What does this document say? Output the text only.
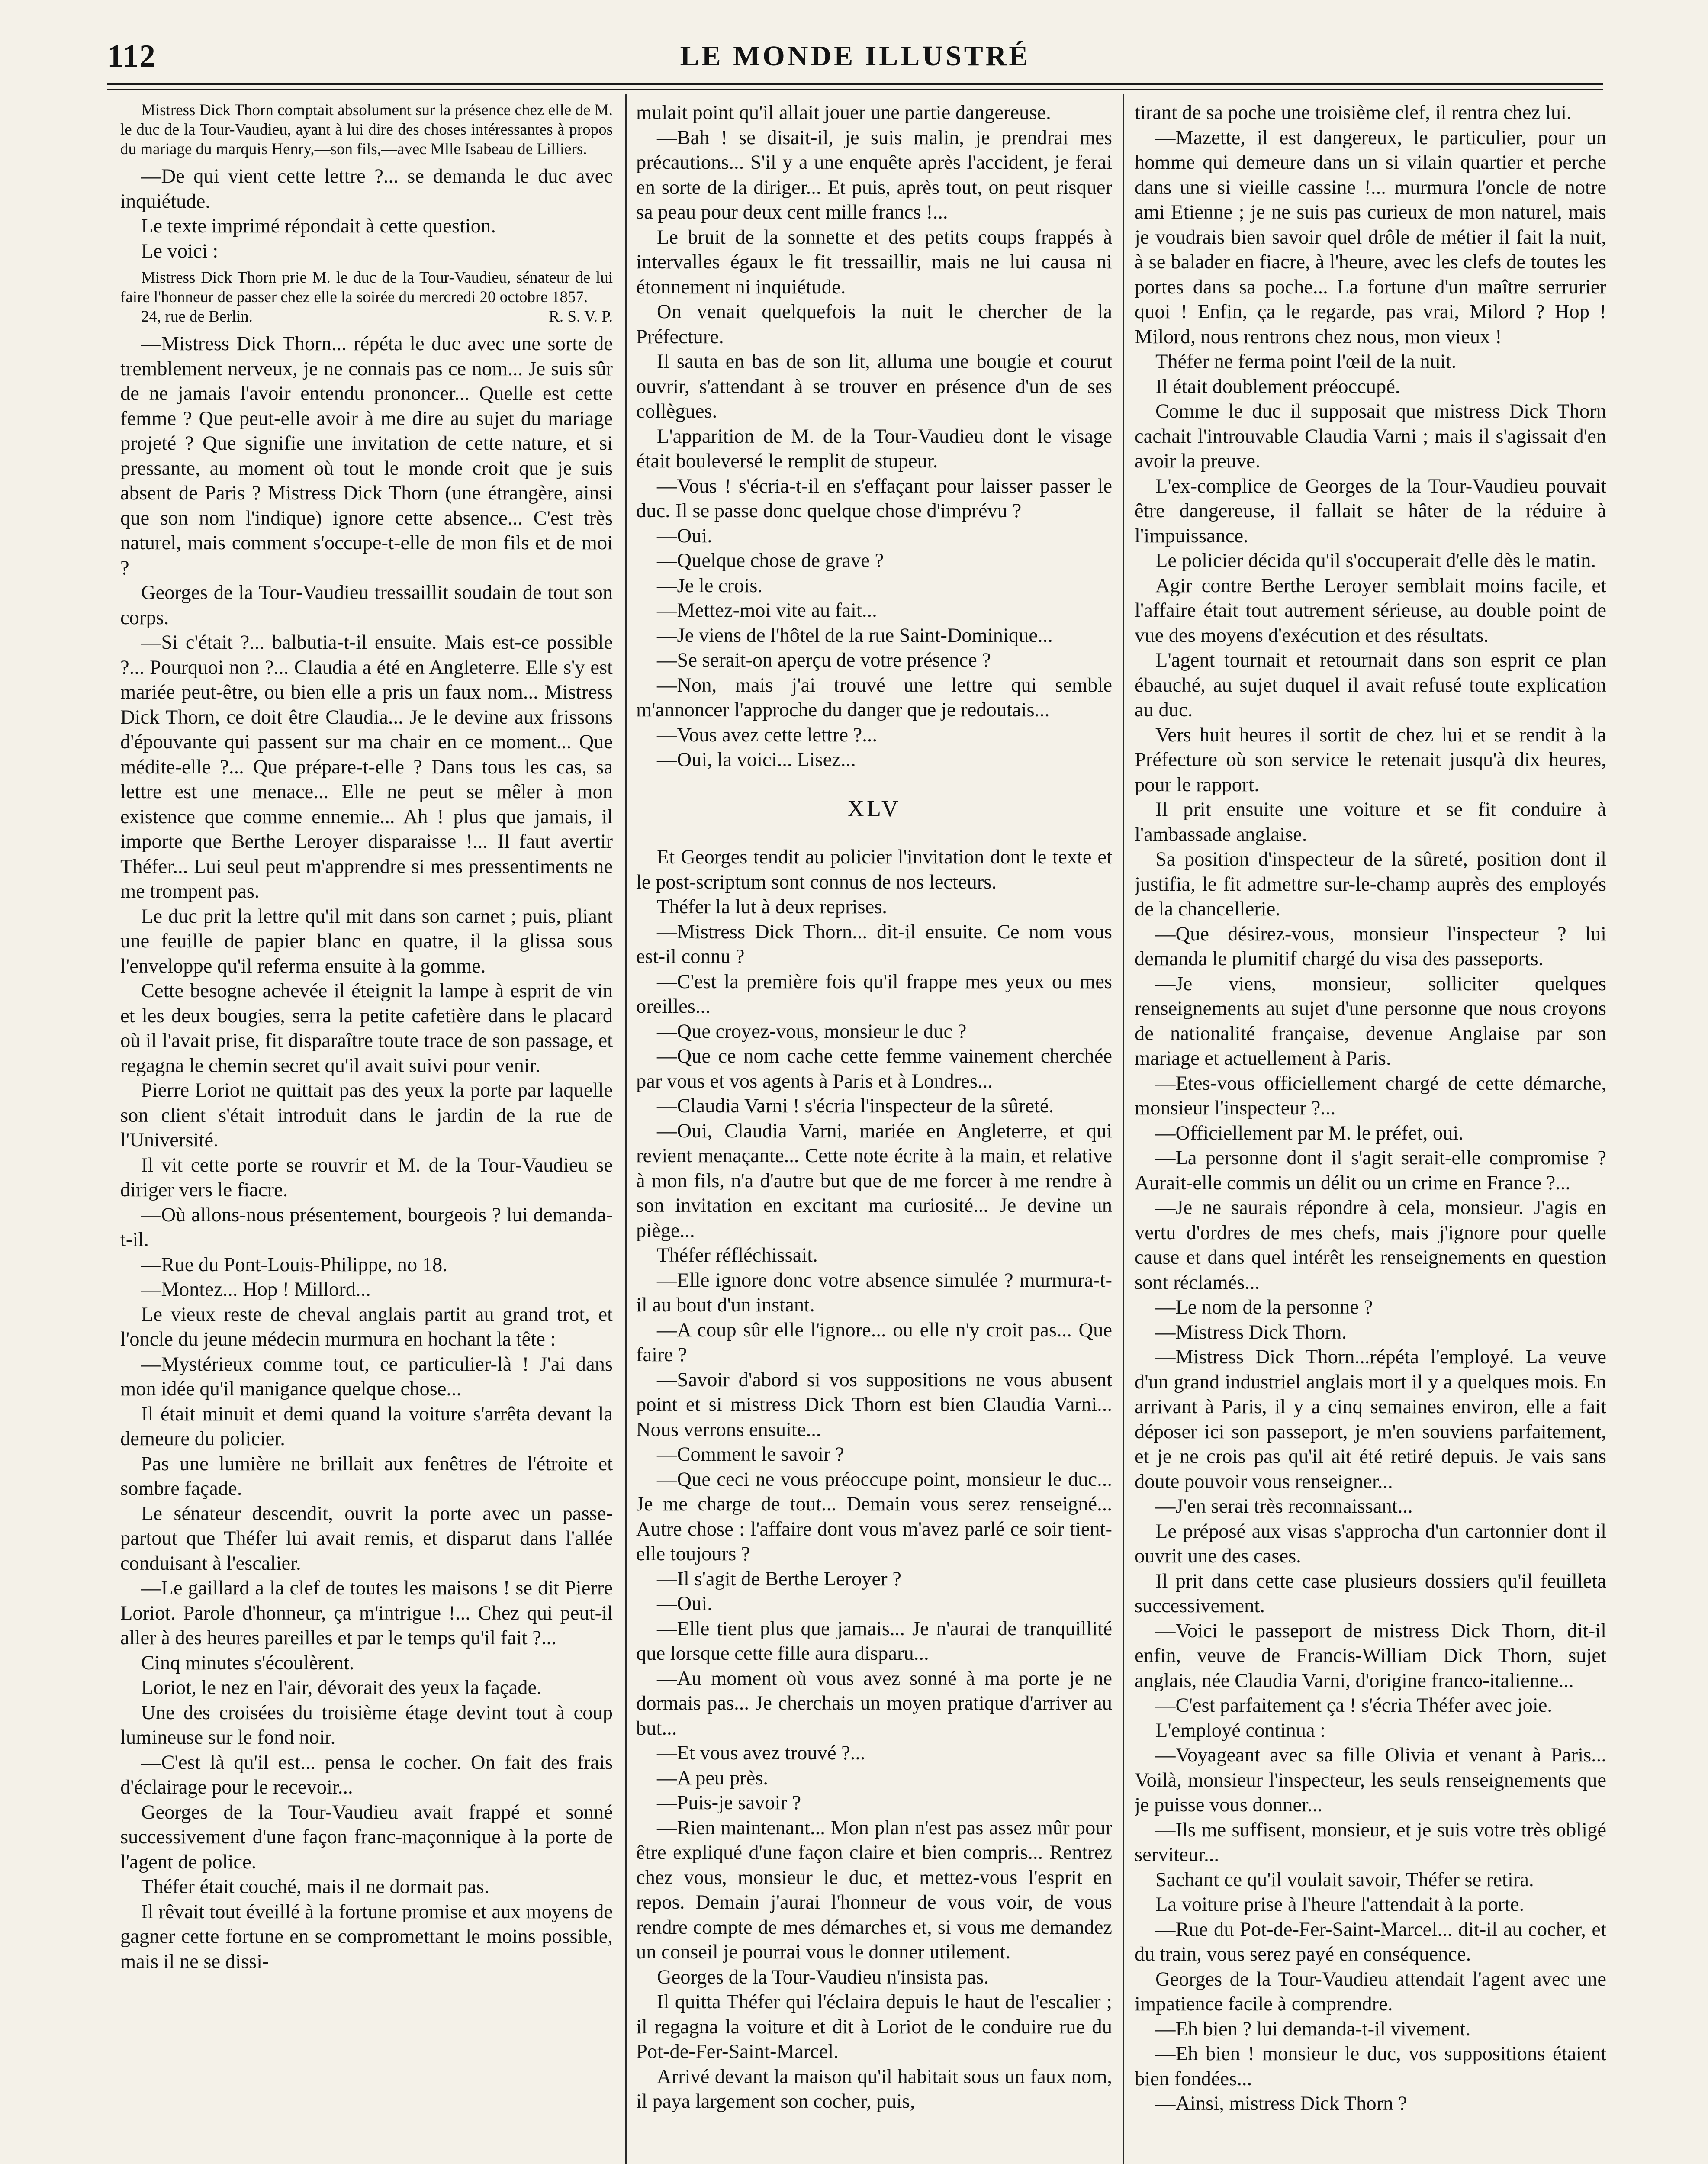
112	LE MONDE ILLUSTRÉ

Mistress Dick Thorn comptait absolument sur la présence chez elle de M. le duc de la Tour-Vaudieu, ayant à lui dire des choses intéressantes à propos du mariage du marquis Henry,—son fils,—avec Mlle Isabeau de Lilliers.

—De qui vient cette lettre ?... se demanda le duc avec inquiétude.

Le texte imprimé répondait à cette question.

Le voici :

Mistress Dick Thorn prie M. le duc de la Tour-Vaudieu, sénateur de lui faire l'honneur de passer chez elle la soirée du mercredi 20 octobre 1857.

24, rue de Berlin.	R. S. V. P.

—Mistress Dick Thorn... répéta le duc avec une sorte de tremblement nerveux, je ne connais pas ce nom... Je suis sûr de ne jamais l'avoir entendu prononcer... Quelle est cette femme ? Que peut-elle avoir à me dire au sujet du mariage projeté ? Que signifie une invitation de cette nature, et si pressante, au moment où tout le monde croit que je suis absent de Paris ? Mistress Dick Thorn (une étrangère, ainsi que son nom l'indique) ignore cette absence... C'est très naturel, mais comment s'occupe-t-elle de mon fils et de moi ?

Georges de la Tour-Vaudieu tressaillit soudain de tout son corps.

—Si c'était ?... balbutia-t-il ensuite. Mais est-ce possible ?... Pourquoi non ?... Claudia a été en Angleterre. Elle s'y est mariée peut-être, ou bien elle a pris un faux nom... Mistress Dick Thorn, ce doit être Claudia... Je le devine aux frissons d'épouvante qui passent sur ma chair en ce moment... Que médite-elle ?... Que prépare-t-elle ? Dans tous les cas, sa lettre est une menace... Elle ne peut se mêler à mon existence que comme ennemie... Ah ! plus que jamais, il importe que Berthe Leroyer disparaisse !... Il faut avertir Théfer... Lui seul peut m'apprendre si mes pressentiments ne me trompent pas.

Le duc prit la lettre qu'il mit dans son carnet ; puis, pliant une feuille de papier blanc en quatre, il la glissa sous l'enveloppe qu'il referma ensuite à la gomme.

Cette besogne achevée il éteignit la lampe à esprit de vin et les deux bougies, serra la petite cafetière dans le placard où il l'avait prise, fit disparaître toute trace de son passage, et regagna le chemin secret qu'il avait suivi pour venir.

Pierre Loriot ne quittait pas des yeux la porte par laquelle son client s'était introduit dans le jardin de la rue de l'Université.

Il vit cette porte se rouvrir et M. de la Tour-Vaudieu se diriger vers le fiacre.

—Où allons-nous présentement, bourgeois ? lui demanda-t-il.

—Rue du Pont-Louis-Philippe, no 18.

—Montez... Hop ! Millord...

Le vieux reste de cheval anglais partit au grand trot, et l'oncle du jeune médecin murmura en hochant la tête :

—Mystérieux comme tout, ce particulier-là ! J'ai dans mon idée qu'il manigance quelque chose...

Il était minuit et demi quand la voiture s'arrêta devant la demeure du policier.

Pas une lumière ne brillait aux fenêtres de l'étroite et sombre façade.

Le sénateur descendit, ouvrit la porte avec un passe-partout que Théfer lui avait remis, et disparut dans l'allée conduisant à l'escalier.

—Le gaillard a la clef de toutes les maisons ! se dit Pierre Loriot. Parole d'honneur, ça m'intrigue !... Chez qui peut-il aller à des heures pareilles et par le temps qu'il fait ?...

Cinq minutes s'écoulèrent.

Loriot, le nez en l'air, dévorait des yeux la façade.

Une des croisées du troisième étage devint tout à coup lumineuse sur le fond noir.

—C'est là qu'il est... pensa le cocher. On fait des frais d'éclairage pour le recevoir...

Georges de la Tour-Vaudieu avait frappé et sonné successivement d'une façon franc-maçonnique à la porte de l'agent de police.

Théfer était couché, mais il ne dormait pas.

Il rêvait tout éveillé à la fortune promise et aux moyens de gagner cette fortune en se compromettant le moins possible, mais il ne se dissi-

mulait point qu'il allait jouer une partie dangereuse.

—Bah ! se disait-il, je suis malin, je prendrai mes précautions... S'il y a une enquête après l'accident, je ferai en sorte de la diriger... Et puis, après tout, on peut risquer sa peau pour deux cent mille francs !...

Le bruit de la sonnette et des petits coups frappés à intervalles égaux le fit tressaillir, mais ne lui causa ni étonnement ni inquiétude.

On venait quelquefois la nuit le chercher de la Préfecture.

Il sauta en bas de son lit, alluma une bougie et courut ouvrir, s'attendant à se trouver en présence d'un de ses collègues.

L'apparition de M. de la Tour-Vaudieu dont le visage était bouleversé le remplit de stupeur.

—Vous ! s'écria-t-il en s'effaçant pour laisser passer le duc. Il se passe donc quelque chose d'imprévu ?

—Oui.

—Quelque chose de grave ?

—Je le crois.

—Mettez-moi vite au fait...

—Je viens de l'hôtel de la rue Saint-Dominique...

—Se serait-on aperçu de votre présence ?

—Non, mais j'ai trouvé une lettre qui semble m'annoncer l'approche du danger que je redoutais...

—Vous avez cette lettre ?...

—Oui, la voici... Lisez...

XLV

Et Georges tendit au policier l'invitation dont le texte et le post-scriptum sont connus de nos lecteurs.

Théfer la lut à deux reprises.

—Mistress Dick Thorn... dit-il ensuite. Ce nom vous est-il connu ?

—C'est la première fois qu'il frappe mes yeux ou mes oreilles...

—Que croyez-vous, monsieur le duc ?

—Que ce nom cache cette femme vainement cherchée par vous et vos agents à Paris et à Londres...

—Claudia Varni ! s'écria l'inspecteur de la sûreté.

—Oui, Claudia Varni, mariée en Angleterre, et qui revient menaçante... Cette note écrite à la main, et relative à mon fils, n'a d'autre but que de me forcer à me rendre à son invitation en excitant ma curiosité... Je devine un piège...

Théfer réfléchissait.

—Elle ignore donc votre absence simulée ? murmura-t-il au bout d'un instant.

—A coup sûr elle l'ignore... ou elle n'y croit pas... Que faire ?

—Savoir d'abord si vos suppositions ne vous abusent point et si mistress Dick Thorn est bien Claudia Varni... Nous verrons ensuite...

—Comment le savoir ?

—Que ceci ne vous préoccupe point, monsieur le duc... Je me charge de tout... Demain vous serez renseigné... Autre chose : l'affaire dont vous m'avez parlé ce soir tient-elle toujours ?

—Il s'agit de Berthe Leroyer ?

—Oui.

—Elle tient plus que jamais... Je n'aurai de tranquillité que lorsque cette fille aura disparu...

—Au moment où vous avez sonné à ma porte je ne dormais pas... Je cherchais un moyen pratique d'arriver au but...

—Et vous avez trouvé ?...

—A peu près.

—Puis-je savoir ?

—Rien maintenant... Mon plan n'est pas assez mûr pour être expliqué d'une façon claire et bien compris... Rentrez chez vous, monsieur le duc, et mettez-vous l'esprit en repos. Demain j'aurai l'honneur de vous voir, de vous rendre compte de mes démarches et, si vous me demandez un conseil je pourrai vous le donner utilement.

Georges de la Tour-Vaudieu n'insista pas.

Il quitta Théfer qui l'éclaira depuis le haut de l'escalier ; il regagna la voiture et dit à Loriot de le conduire rue du Pot-de-Fer-Saint-Marcel.

Arrivé devant la maison qu'il habitait sous un faux nom, il paya largement son cocher, puis,

tirant de sa poche une troisième clef, il rentra chez lui.

—Mazette, il est dangereux, le particulier, pour un homme qui demeure dans un si vilain quartier et perche dans une si vieille cassine !... murmura l'oncle de notre ami Etienne ; je ne suis pas curieux de mon naturel, mais je voudrais bien savoir quel drôle de métier il fait la nuit, à se balader en fiacre, à l'heure, avec les clefs de toutes les portes dans sa poche... La fortune d'un maître serrurier quoi ! Enfin, ça le regarde, pas vrai, Milord ? Hop ! Milord, nous rentrons chez nous, mon vieux !

Théfer ne ferma point l'œil de la nuit.

Il était doublement préoccupé.

Comme le duc il supposait que mistress Dick Thorn cachait l'introuvable Claudia Varni ; mais il s'agissait d'en avoir la preuve.

L'ex-complice de Georges de la Tour-Vaudieu pouvait être dangereuse, il fallait se hâter de la réduire à l'impuissance.

Le policier décida qu'il s'occuperait d'elle dès le matin.

Agir contre Berthe Leroyer semblait moins facile, et l'affaire était tout autrement sérieuse, au double point de vue des moyens d'exécution et des résultats.

L'agent tournait et retournait dans son esprit ce plan ébauché, au sujet duquel il avait refusé toute explication au duc.

Vers huit heures il sortit de chez lui et se rendit à la Préfecture où son service le retenait jusqu'à dix heures, pour le rapport.

Il prit ensuite une voiture et se fit conduire à l'ambassade anglaise.

Sa position d'inspecteur de la sûreté, position dont il justifia, le fit admettre sur-le-champ auprès des employés de la chancellerie.

—Que désirez-vous, monsieur l'inspecteur ? lui demanda le plumitif chargé du visa des passeports.

—Je viens, monsieur, solliciter quelques renseignements au sujet d'une personne que nous croyons de nationalité française, devenue Anglaise par son mariage et actuellement à Paris.

—Etes-vous officiellement chargé de cette démarche, monsieur l'inspecteur ?...

—Officiellement par M. le préfet, oui.

—La personne dont il s'agit serait-elle compromise ? Aurait-elle commis un délit ou un crime en France ?...

—Je ne saurais répondre à cela, monsieur. J'agis en vertu d'ordres de mes chefs, mais j'ignore pour quelle cause et dans quel intérêt les renseignements en question sont réclamés...

—Le nom de la personne ?

—Mistress Dick Thorn.

—Mistress Dick Thorn...répéta l'employé. La veuve d'un grand industriel anglais mort il y a quelques mois. En arrivant à Paris, il y a cinq semaines environ, elle a fait déposer ici son passeport, je m'en souviens parfaitement, et je ne crois pas qu'il ait été retiré depuis. Je vais sans doute pouvoir vous renseigner...

—J'en serai très reconnaissant...

Le préposé aux visas s'approcha d'un cartonnier dont il ouvrit une des cases.

Il prit dans cette case plusieurs dossiers qu'il feuilleta successivement.

—Voici le passeport de mistress Dick Thorn, dit-il enfin, veuve de Francis-William Dick Thorn, sujet anglais, née Claudia Varni, d'origine franco-italienne...

—C'est parfaitement ça ! s'écria Théfer avec joie.

L'employé continua :

—Voyageant avec sa fille Olivia et venant à Paris... Voilà, monsieur l'inspecteur, les seuls renseignements que je puisse vous donner...

—Ils me suffisent, monsieur, et je suis votre très obligé serviteur...

Sachant ce qu'il voulait savoir, Théfer se retira.

La voiture prise à l'heure l'attendait à la porte.

—Rue du Pot-de-Fer-Saint-Marcel... dit-il au cocher, et du train, vous serez payé en conséquence.

Georges de la Tour-Vaudieu attendait l'agent avec une impatience facile à comprendre.

—Eh bien ? lui demanda-t-il vivement.

—Eh bien ! monsieur le duc, vos suppositions étaient bien fondées...

—Ainsi, mistress Dick Thorn ?
